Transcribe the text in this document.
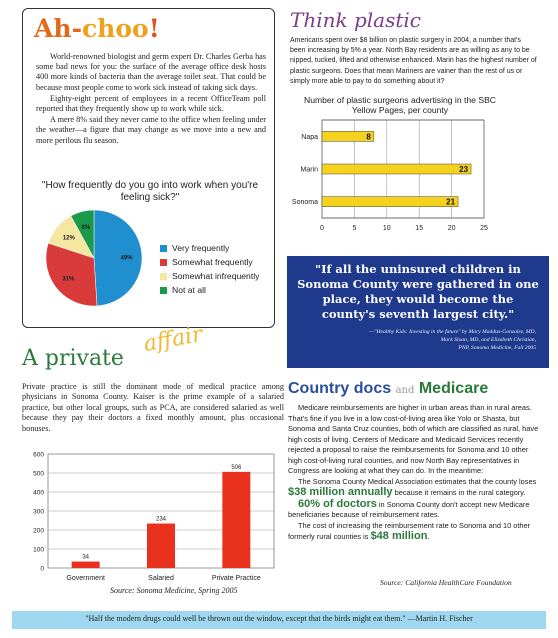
Ah-choo!

World-renowned biologist and germ expert Dr. Charles Gerba has some bad news for you: the surface of the average office desk hosts 400 more kinds of bacteria than the average toilet seat. That could be because most people come to work sick instead of taking sick days.

Eighty-eight percent of employees in a recent OfficeTeam poll reported that they frequently show up to work while sick.

A mere 8% said they never came to the office when feeling under the weather—a figure that may change as we move into a new and more perilous flu season.

"How frequently do you go into work when you're feeling sick?"
49%
31%
12%
8%
Very frequently
Somewhat frequently
Somewhat infrequently
Not at all
Think plastic
Americans spent over $8 billion on plastic surgery in 2004, a number that's been increasing by 5% a year. North Bay residents are as willing as any to be nipped, tucked, lifted and otherwise enhanced. Marin has the highest number of plastic surgeons. Does that mean Mariners are vainer than the rest of us or simply more able to pay to do something about it?
Number of plastic surgeons advertising in the SBC Yellow Pages, per county
0	5	10	15	20	25
Napa	8
Marin	23
Sonoma	21
"If all the uninsured children in Sonoma County were gathered in one place, they would become the county's seventh largest city."
—"Healthy Kids: Investing in the future" by Mary Maddux-Gonzalez, MD,
Mark Sloan, MD, and Elizabeth Christian,
PNP, Sonoma Medicine, Fall 2005
A private
affair
Private practice is still the dominant mode of medical practice among physicians in Sonoma County. Kaiser is the prime example of a salaried practice, but other local groups, such as PCA, are considered salaried as well because they pay their doctors a fixed monthly amount, plus occasional bonuses.
0
100
200
300
400
500
600
34
Government
234
Salaried
506
Private Practice
Source: Sonoma Medicine, Spring 2005
Country docs and Medicare

Medicare reimbursements are higher in urban areas than in rural areas. That's fine if you live in a low cost-of-living area like Yolo or Shasta, but Sonoma and Santa Cruz counties, both of which are classified as rural, have high costs of living. Centers of Medicare and Medicaid Services recently rejected a proposal to raise the reimbursements for Sonoma and 10 other high cost-of-living rural counties, and now North Bay representatives in Congress are looking at what they can do. In the meantime:

The Sonoma County Medical Association estimates that the county loses $38 million annually because it remains in the rural category.

60% of doctors in Sonoma County don't accept new Medicare beneficiaries because of reimbursement rates.

The cost of increasing the reimbursement rate to Sonoma and 10 other formerly rural counties is $48 million.

Source: California HealthCare Foundation
"Half the modern drugs could well be thrown out the window, except that the birds might eat them." —Martin H. Fischer
